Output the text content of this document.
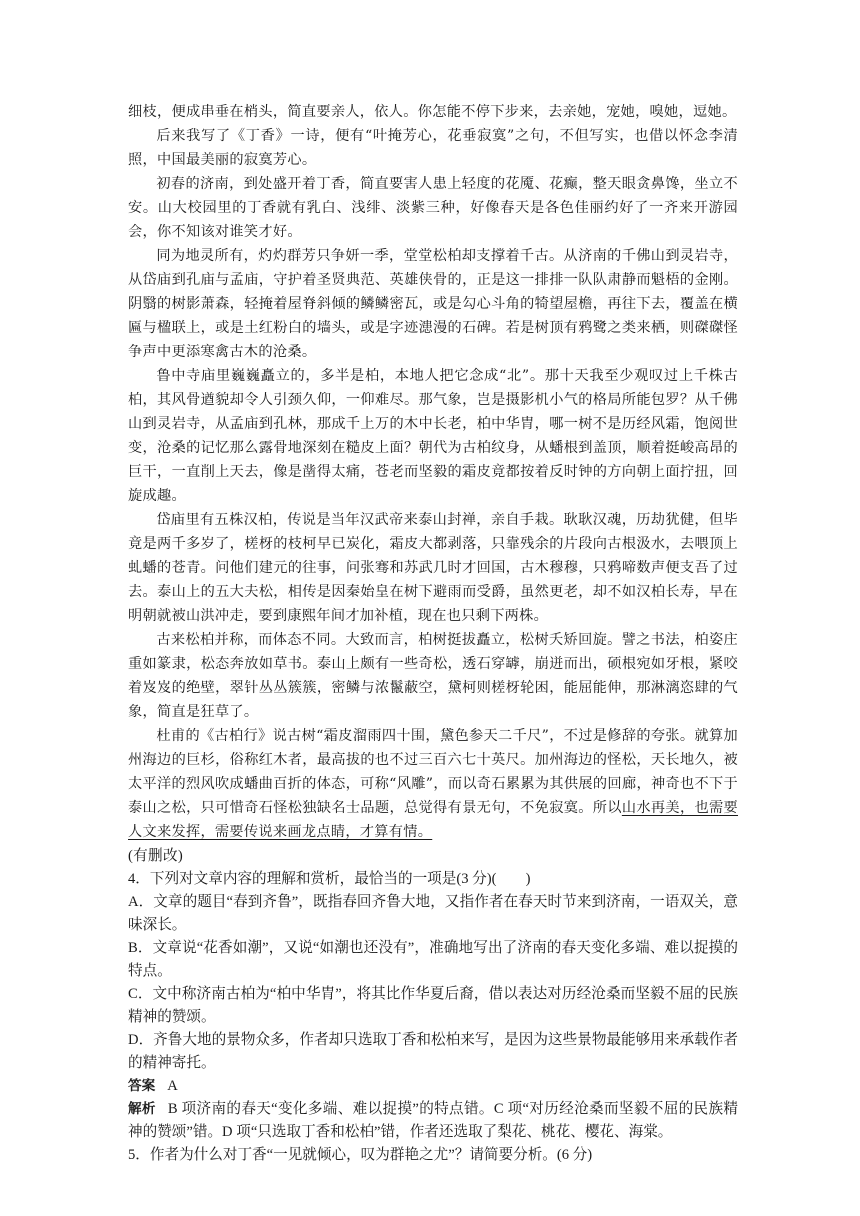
细枝，便成串垂在梢头，简直要亲人，依人。你怎能不停下步来，去亲她，宠她，嗅她，逗她。

后来我写了《丁香》一诗，便有“叶掩芳心，花垂寂寞”之句，不但写实，也借以怀念李清照，中国最美丽的寂寞芳心。

初春的济南，到处盛开着丁香，简直要害人患上轻度的花魇、花癫，整天眼贪鼻馋，坐立不安。山大校园里的丁香就有乳白、浅绯、淡紫三种，好像春天是各色佳丽约好了一齐来开游园会，你不知该对谁笑才好。

同为地灵所有，灼灼群芳只争妍一季，堂堂松柏却支撑着千古。从济南的千佛山到灵岩寺，从岱庙到孔庙与孟庙，守护着圣贤典范、英雄侠骨的，正是这一排排一队队肃静而魁梧的金刚。阴翳的树影萧森，轻掩着屋脊斜倾的鳞鳞密瓦，或是勾心斗角的犄望屋檐，再往下去，覆盖在横匾与楹联上，或是土红粉白的墙头，或是字迹漶漫的石碑。若是树顶有鸦鹭之类来栖，则磔磔怪争声中更添寒禽古木的沧桑。

鲁中寺庙里巍巍矗立的，多半是柏，本地人把它念成“北”。那十天我至少观叹过上千株古柏，其风骨遒貌却令人引颈久仰，一仰难尽。那气象，岂是摄影机小气的格局所能包罗？从千佛山到灵岩寺，从孟庙到孔林，那成千上万的木中长老，柏中华胄，哪一树不是历经风霜，饱阅世变，沧桑的记忆那么露骨地深刻在糙皮上面？朝代为古柏纹身，从蟠根到盖顶，顺着挺峻高昂的巨干，一直削上天去，像是凿得太痛，苍老而坚毅的霜皮竟都按着反时钟的方向朝上面拧扭，回旋成趣。

岱庙里有五株汉柏，传说是当年汉武帝来泰山封禅，亲自手栽。耿耿汉魂，历劫犹健，但毕竟是两千多岁了，槎枒的枝柯早已炭化，霜皮大都剥落，只靠残余的片段向古根汲水，去喂顶上虬蟠的苍青。问他们建元的往事，问张骞和苏武几时才回国，古木穆穆，只鸦啼数声便支吾了过去。泰山上的五大夫松，相传是因秦始皇在树下避雨而受爵，虽然更老，却不如汉柏长寿，早在明朝就被山洪冲走，要到康熙年间才加补植，现在也只剩下两株。

古来松柏并称，而体态不同。大致而言，柏树挺拔矗立，松树夭矫回旋。譬之书法，柏姿庄重如篆隶，松态奔放如草书。泰山上颇有一些奇松，透石穿罅，崩迸而出，硕根宛如牙根，紧咬着岌岌的绝壁，翠针丛丛簇簇，密鳞与浓鬣蔽空，黛柯则槎枒轮困，能屈能伸，那淋漓恣肆的气象，简直是狂草了。

杜甫的《古柏行》说古树“霜皮溜雨四十围，黛色参天二千尺”，不过是修辞的夸张。就算加州海边的巨杉，俗称红木者，最高拔的也不过三百六七十英尺。加州海边的怪松，天长地久，被太平洋的烈风吹成蟠曲百折的体态，可称“风雕”，而以奇石累累为其供展的回廊，神奇也不下于泰山之松，只可惜奇石怪松独缺名士品题，总觉得有景无句，不免寂寞。所以山水再美，也需要人文来发挥，需要传说来画龙点睛，才算有情。

(有删改)

4．下列对文章内容的理解和赏析，最恰当的一项是(3 分)(　　)

A．文章的题目“春到齐鲁”，既指春回齐鲁大地，又指作者在春天时节来到济南，一语双关，意味深长。

B．文章说“花香如潮”，又说“如潮也还没有”，准确地写出了济南的春天变化多端、难以捉摸的特点。

C．文中称济南古柏为“柏中华胄”，将其比作华夏后裔，借以表达对历经沧桑而坚毅不屈的民族精神的赞颂。

D．齐鲁大地的景物众多，作者却只选取丁香和松柏来写，是因为这些景物最能够用来承载作者的精神寄托。

答案 A

解析 B 项济南的春天“变化多端、难以捉摸”的特点错。C 项“对历经沧桑而坚毅不屈的民族精神的赞颂”错。D 项“只选取丁香和松柏”错，作者还选取了梨花、桃花、樱花、海棠。

5．作者为什么对丁香“一见就倾心，叹为群艳之尤”？请简要分析。(6 分)
